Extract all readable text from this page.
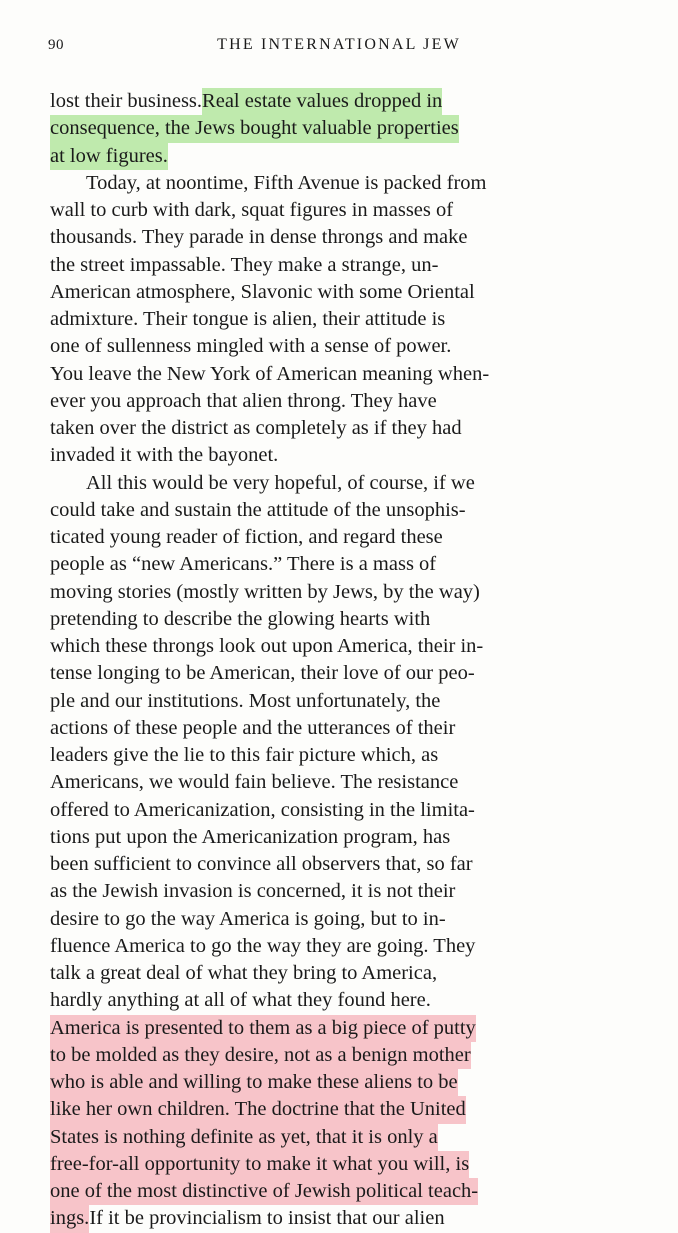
90	THE INTERNATIONAL JEW
lost their business.Real estate values dropped in
consequence, the Jews bought valuable properties
at low figures.
Today, at noontime, Fifth Avenue is packed from
wall to curb with dark, squat figures in masses of
thousands. They parade in dense throngs and make
the street impassable. They make a strange, un-
American atmosphere, Slavonic with some Oriental
admixture. Their tongue is alien, their attitude is
one of sullenness mingled with a sense of power.
You leave the New York of American meaning when-
ever you approach that alien throng. They have
taken over the district as completely as if they had
invaded it with the bayonet.
All this would be very hopeful, of course, if we
could take and sustain the attitude of the unsophis-
ticated young reader of fiction, and regard these
people as “new Americans.” There is a mass of
moving stories (mostly written by Jews, by the way)
pretending to describe the glowing hearts with
which these throngs look out upon America, their in-
tense longing to be American, their love of our peo-
ple and our institutions. Most unfortunately, the
actions of these people and the utterances of their
leaders give the lie to this fair picture which, as
Americans, we would fain believe. The resistance
offered to Americanization, consisting in the limita-
tions put upon the Americanization program, has
been sufficient to convince all observers that, so far
as the Jewish invasion is concerned, it is not their
desire to go the way America is going, but to in-
fluence America to go the way they are going. They
talk a great deal of what they bring to America,
hardly anything at all of what they found here.
America is presented to them as a big piece of putty
to be molded as they desire, not as a benign mother
who is able and willing to make these aliens to be
like her own children. The doctrine that the United
States is nothing definite as yet, that it is only a
free-for-all opportunity to make it what you will, is
one of the most distinctive of Jewish political teach-
ings.If it be provincialism to insist that our alien
